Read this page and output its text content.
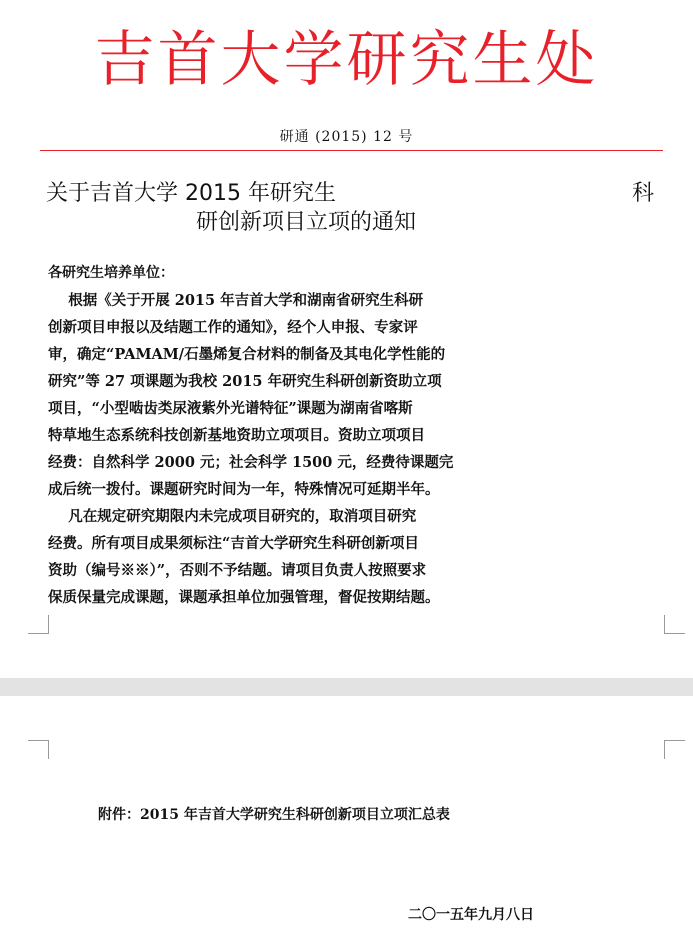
吉首大学研究生处
研通 (2015) 12 号
关于吉首大学 2015 年研究生	科
研创新项目立项的通知
各研究生培养单位：
根据《关于开展 2015 年吉首大学和湖南省研究生科研
创新项目申报以及结题工作的通知》，经个人申报、专家评
审，确定“PAMAM/石墨烯复合材料的制备及其电化学性能的
研究”等 27 项课题为我校 2015 年研究生科研创新资助立项
项目，“小型啮齿类尿液紫外光谱特征”课题为湖南省喀斯
特草地生态系统科技创新基地资助立项项目。资助立项项目
经费：自然科学 2000 元；社会科学 1500 元，经费待课题完
成后统一拨付。课题研究时间为一年，特殊情况可延期半年。
凡在规定研究期限内未完成项目研究的，取消项目研究
经费。所有项目成果须标注“吉首大学研究生科研创新项目
资助（编号※※）”，否则不予结题。请项目负责人按照要求
保质保量完成课题，课题承担单位加强管理，督促按期结题。
附件：2015 年吉首大学研究生科研创新项目立项汇总表
二〇一五年九月八日
